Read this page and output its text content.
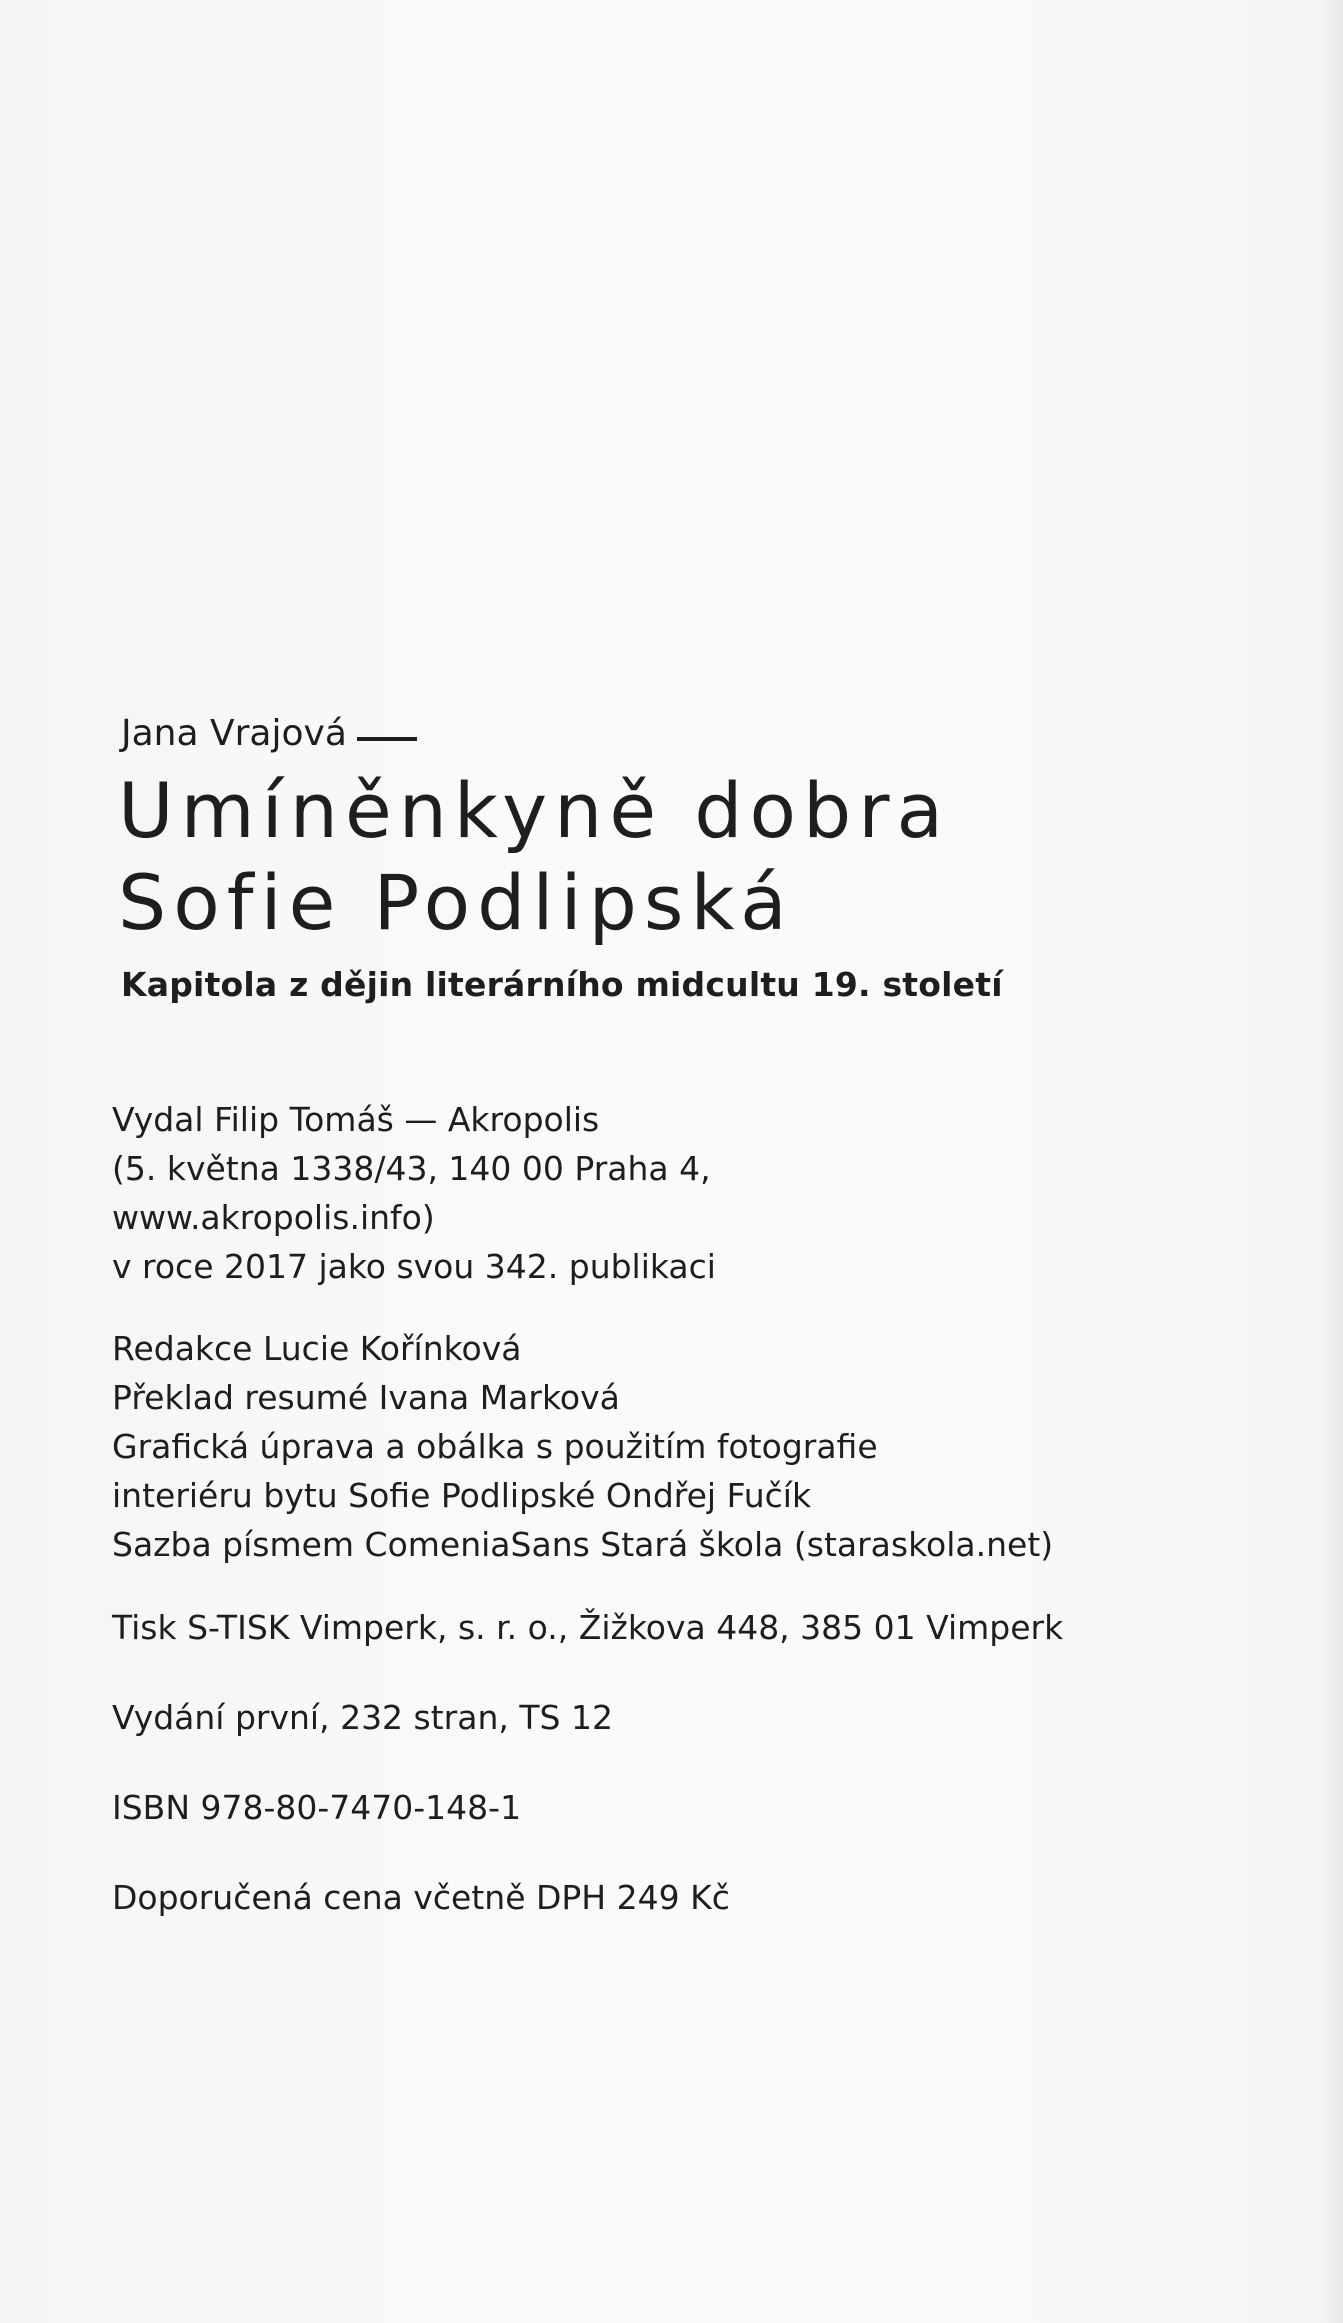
Jana Vrajová
Umíněnkyně dobra
Sofie Podlipská
Kapitola z dějin literárního midcultu 19. století
Vydal Filip Tomáš — Akropolis
(5. května 1338/43, 140 00 Praha 4,
www.akropolis.info)
v roce 2017 jako svou 342. publikaci
Redakce Lucie Kořínková
Překlad resumé Ivana Marková
Grafická úprava a obálka s použitím fotografie
interiéru bytu Sofie Podlipské Ondřej Fučík
Sazba písmem ComeniaSans Stará škola (staraskola.net)
Tisk S-TISK Vimperk, s. r. o., Žižkova 448, 385 01 Vimperk
Vydání první, 232 stran, TS 12
ISBN 978-80-7470-148-1
Doporučená cena včetně DPH 249 Kč
